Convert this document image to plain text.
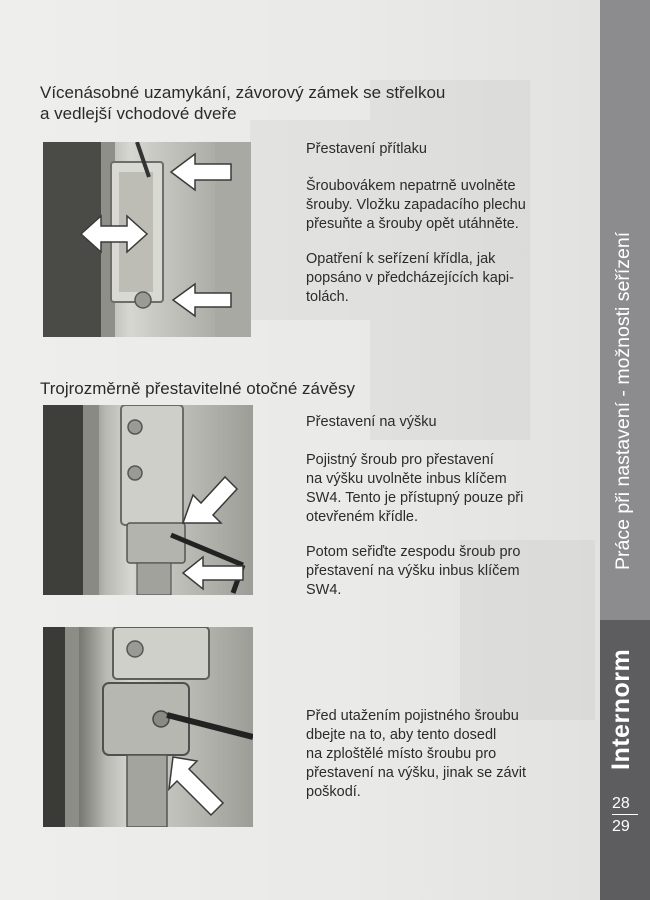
Vícenásobné uzamykání, závorový zámek se střelkou
a vedlejší vchodové dveře

Přestavení přítlaku

Šroubovákem nepatrně uvolněte
šrouby. Vložku zapadacího plechu
přesuňte a šrouby opět utáhněte.

Opatření k seřízení křídla, jak
popsáno v předcházejících kapi-
tolách.

Trojrozměrně přestavitelné otočné závěsy

Přestavení na výšku

Pojistný šroub pro přestavení
na výšku uvolněte inbus klíčem
SW4. Tento je přístupný pouze při
otevřeném křídle.

Potom seřiďte zespodu šroub pro
přestavení na výšku inbus klíčem
SW4.

Před utažením pojistného šroubu
dbejte na to, aby tento dosedl
na zploštělé místo šroubu pro
přestavení na výšku, jinak se závit
poškodí.

Práce při nastavení - možnosti seřízení
Internorm
28
29
